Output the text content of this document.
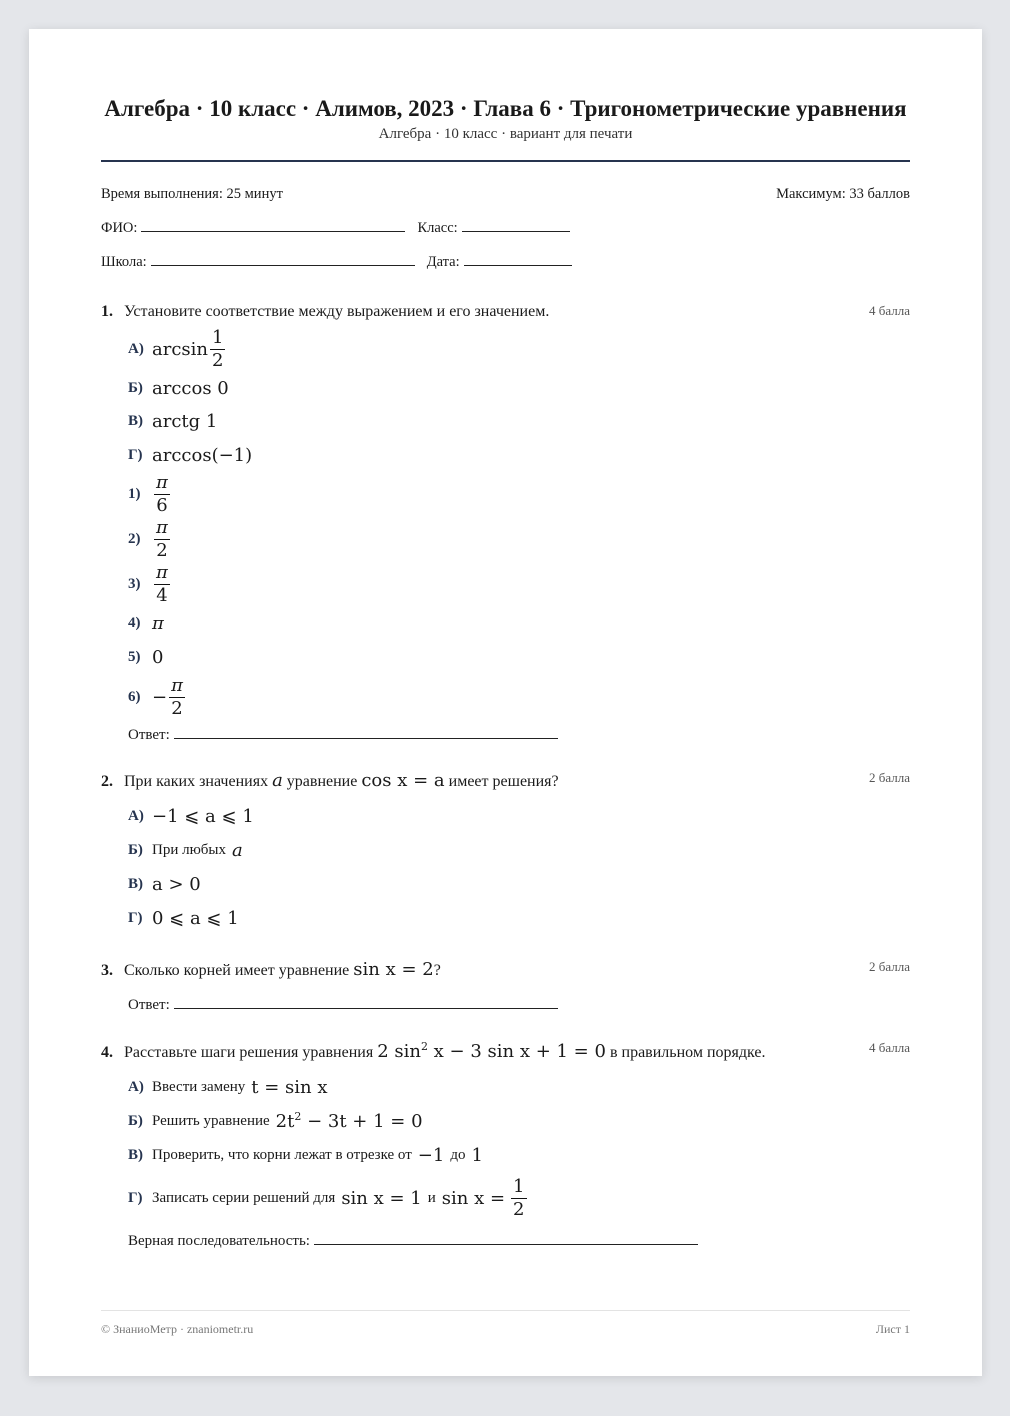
Алгебра · 10 класс · Алимов, 2023 · Глава 6 · Тригонометрические уравнения
Алгебра · 10 класс · вариант для печати
Время выполнения: 25 минут	Максимум: 33 баллов
ФИО:	Класс:
Школа:	Дата:
1. Установите соответствие между выражением и его значением.	4 балла
А) $\arcsin \frac{1}{2}$
Б) arccos 0
В) arctg 1
Г) arccos(−1)
$1) \frac{\pi}{6}$
$2) \frac{\pi}{2}$
$3) \frac{\pi}{4}$
4) π
5) 0
$6) - \frac{\pi}{2}$
Ответ:
2. При каких значениях a уравнение cos x = a имеет решения?	2 балла
А) −1 ⩽ a ⩽ 1
Б) При любых a
В) a > 0
Г) 0 ⩽ a ⩽ 1
3. Сколько корней имеет уравнение sin x = 2?	2 балла
Ответ:
4. Расставьте шаги решения уравнения 2 $\sin^2 x - 3$ sin x + 1 = 0 в правильном порядке.	4 балла
А) Ввести замену t = sin x
Б) Решить уравнение $2t^2 - 3t + 1 = 0$
В) Проверить, что корни лежат в отрезке от −1 до 1
Г) Записать серии решений для sin x = 1 и $\sin x = \frac{1}{2}$
Верная последовательность:
© ЗнаниоМетр · znaniometr.ru	Лист 1
